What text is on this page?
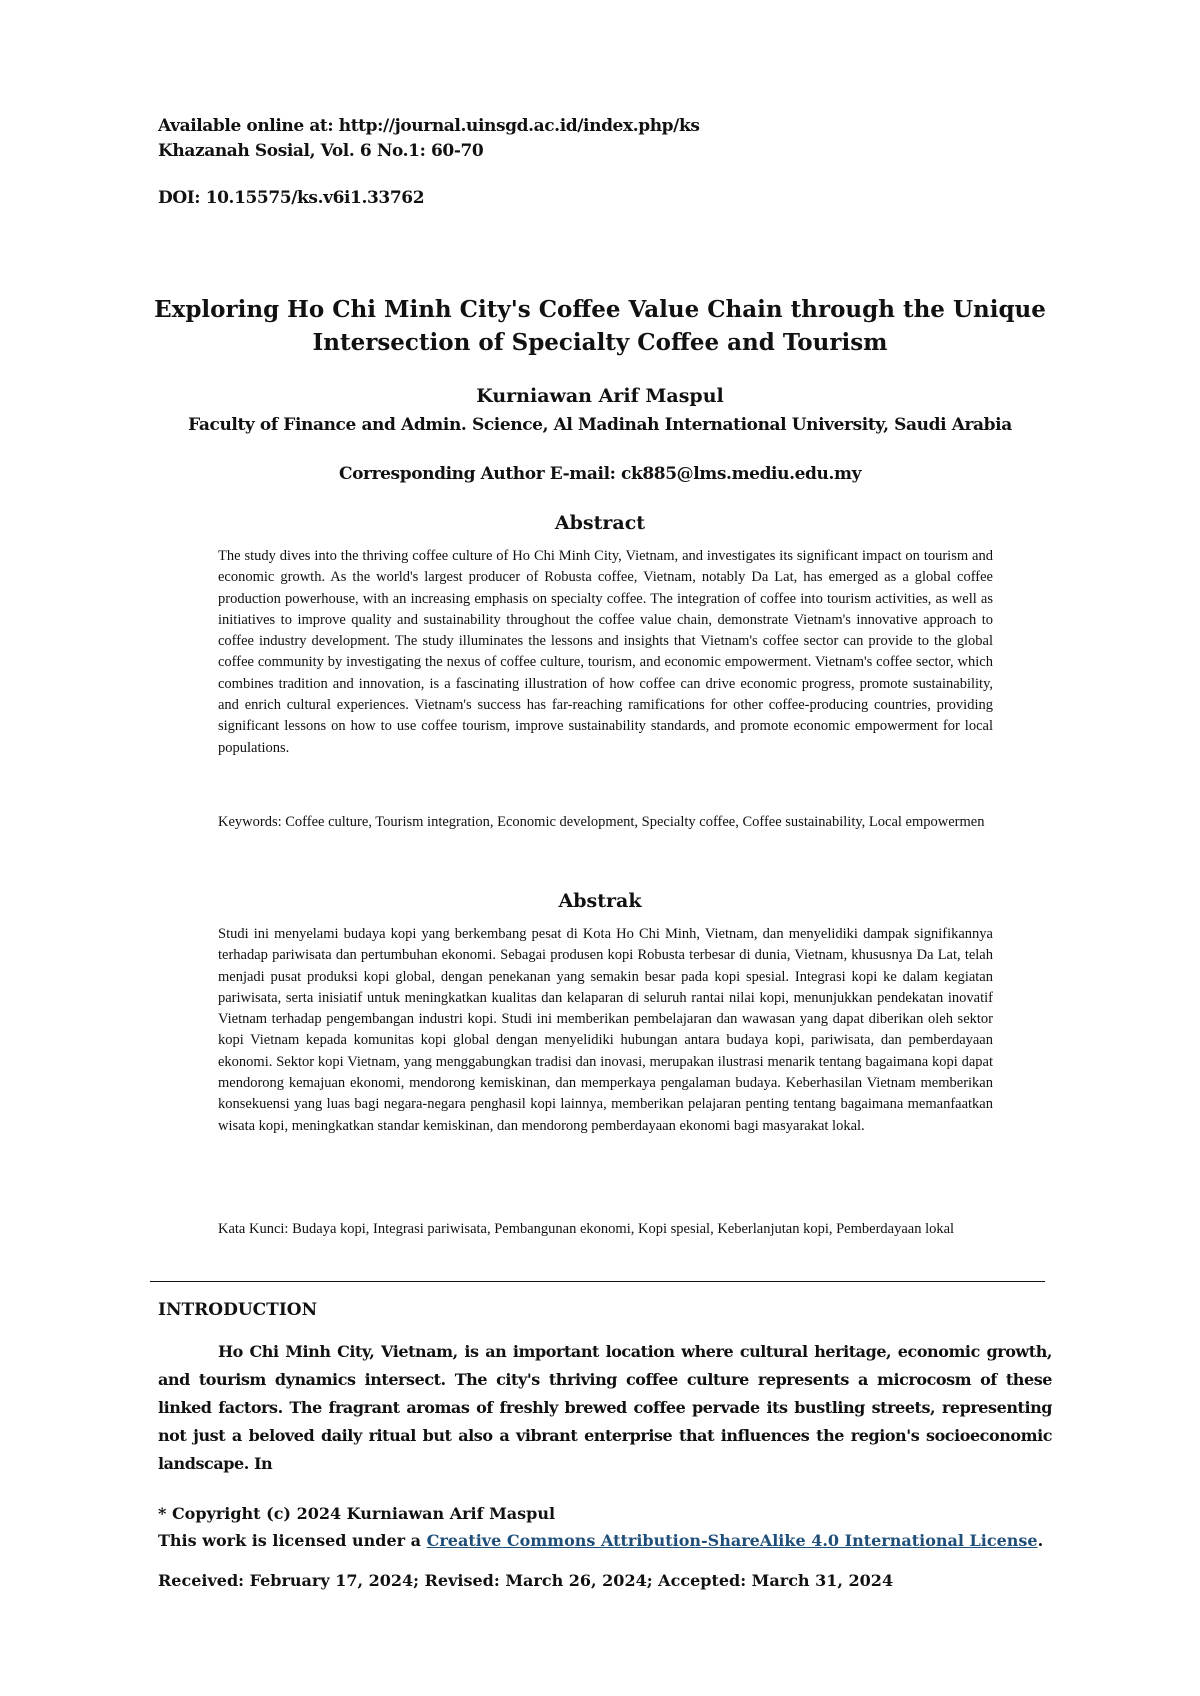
Available online at: http://journal.uinsgd.ac.id/index.php/ks
Khazanah Sosial, Vol. 6 No.1: 60-70
DOI: 10.15575/ks.v6i1.33762
Exploring Ho Chi Minh City's Coffee Value Chain through the Unique Intersection of Specialty Coffee and Tourism
Kurniawan Arif Maspul
Faculty of Finance and Admin. Science, Al Madinah International University, Saudi Arabia
Corresponding Author E-mail: ck885@lms.mediu.edu.my
Abstract
The study dives into the thriving coffee culture of Ho Chi Minh City, Vietnam, and investigates its significant impact on tourism and economic growth. As the world's largest producer of Robusta coffee, Vietnam, notably Da Lat, has emerged as a global coffee production powerhouse, with an increasing emphasis on specialty coffee. The integration of coffee into tourism activities, as well as initiatives to improve quality and sustainability throughout the coffee value chain, demonstrate Vietnam's innovative approach to coffee industry development. The study illuminates the lessons and insights that Vietnam's coffee sector can provide to the global coffee community by investigating the nexus of coffee culture, tourism, and economic empowerment. Vietnam's coffee sector, which combines tradition and innovation, is a fascinating illustration of how coffee can drive economic progress, promote sustainability, and enrich cultural experiences. Vietnam's success has far-reaching ramifications for other coffee-producing countries, providing significant lessons on how to use coffee tourism, improve sustainability standards, and promote economic empowerment for local populations.
Keywords: Coffee culture, Tourism integration, Economic development, Specialty coffee, Coffee sustainability, Local empowermen
Abstrak
Studi ini menyelami budaya kopi yang berkembang pesat di Kota Ho Chi Minh, Vietnam, dan menyelidiki dampak signifikannya terhadap pariwisata dan pertumbuhan ekonomi. Sebagai produsen kopi Robusta terbesar di dunia, Vietnam, khususnya Da Lat, telah menjadi pusat produksi kopi global, dengan penekanan yang semakin besar pada kopi spesial. Integrasi kopi ke dalam kegiatan pariwisata, serta inisiatif untuk meningkatkan kualitas dan kelaparan di seluruh rantai nilai kopi, menunjukkan pendekatan inovatif Vietnam terhadap pengembangan industri kopi. Studi ini memberikan pembelajaran dan wawasan yang dapat diberikan oleh sektor kopi Vietnam kepada komunitas kopi global dengan menyelidiki hubungan antara budaya kopi, pariwisata, dan pemberdayaan ekonomi. Sektor kopi Vietnam, yang menggabungkan tradisi dan inovasi, merupakan ilustrasi menarik tentang bagaimana kopi dapat mendorong kemajuan ekonomi, mendorong kemiskinan, dan memperkaya pengalaman budaya. Keberhasilan Vietnam memberikan konsekuensi yang luas bagi negara-negara penghasil kopi lainnya, memberikan pelajaran penting tentang bagaimana memanfaatkan wisata kopi, meningkatkan standar kemiskinan, dan mendorong pemberdayaan ekonomi bagi masyarakat lokal.
Kata Kunci: Budaya kopi, Integrasi pariwisata, Pembangunan ekonomi, Kopi spesial, Keberlanjutan kopi, Pemberdayaan lokal
INTRODUCTION
Ho Chi Minh City, Vietnam, is an important location where cultural heritage, economic growth, and tourism dynamics intersect. The city's thriving coffee culture represents a microcosm of these linked factors. The fragrant aromas of freshly brewed coffee pervade its bustling streets, representing not just a beloved daily ritual but also a vibrant enterprise that influences the region's socioeconomic landscape. In
* Copyright (c) 2024 Kurniawan Arif Maspul
This work is licensed under a Creative Commons Attribution-ShareAlike 4.0 International License.
Received: February 17, 2024; Revised: March 26, 2024; Accepted: March 31, 2024
